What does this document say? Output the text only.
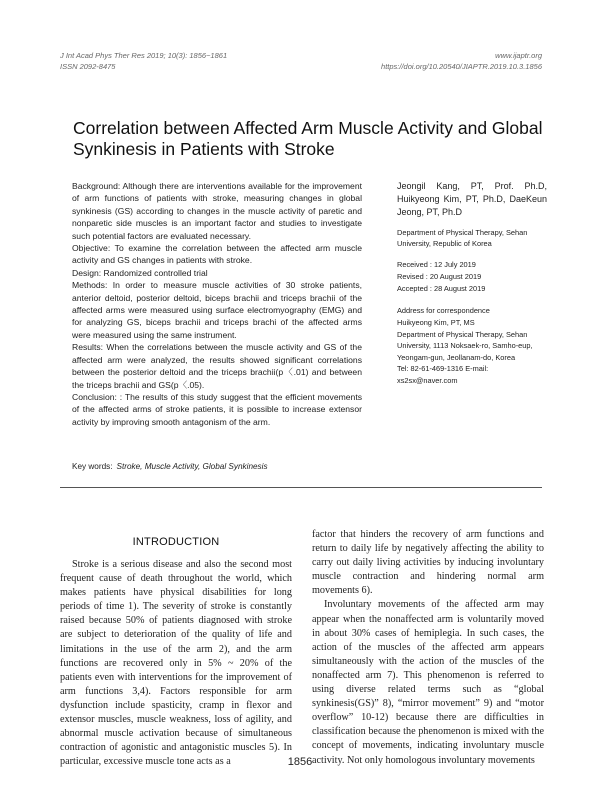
J Int Acad Phys Ther Res 2019; 10(3): 1856~1861
ISSN 2092-8475
www.ijaptr.org
https://doi.org/10.20540/JIAPTR.2019.10.3.1856
Correlation between Affected Arm Muscle Activity and Global Synkinesis in Patients with Stroke

Background: Although there are interventions available for the improvement of arm functions of patients with stroke, measuring changes in global synkinesis (GS) according to changes in the muscle activity of paretic and nonparetic side muscles is an important factor and studies to investigate such potential factors are evaluated necessary.

Objective: To examine the correlation between the affected arm muscle activity and GS changes in patients with stroke.

Design: Randomized controlled trial

Methods: In order to measure muscle activities of 30 stroke patients, anterior deltoid, posterior deltoid, biceps brachii and triceps brachii of the affected arms were measured using surface electromyography (EMG) and for analyzing GS, biceps brachii and triceps brachi of the affected arms were measured using the same instrument.

Results: When the correlations between the muscle activity and GS of the affected arm were analyzed, the results showed significant correlations between the posterior deltoid and the triceps brachii(p〈.01) and between the triceps brachii and GS(p〈.05).

Conclusion: : The results of this study suggest that the efficient movements of the affected arms of stroke patients, it is possible to increase extensor activity by improving smooth antagonism of the arm.

Jeongil Kang, PT, Prof. Ph.D, Huikyeong Kim, PT, Ph.D, DaeKeun Jeong, PT, Ph.D

Department of Physical Therapy, Sehan University, Republic of Korea

Received : 12 July 2019
Revised : 20 August 2019
Accepted : 28 August 2019

Address for correspondence

Huikyeong Kim, PT, MS

Department of Physical Therapy, Sehan University, 1113 Noksaek-ro, Samho-eup, Yeongam-gun, Jeollanam-do, Korea

Tel: 82-61-469-1316 E-mail: xs2sx@naver.com

Key words: Stroke, Muscle Activity, Global Synkinesis
INTRODUCTION

Stroke is a serious disease and also the second most frequent cause of death throughout the world, which makes patients have physical disabilities for long periods of time 1). The severity of stroke is constantly raised because 50% of patients diagnosed with stroke are subject to deterioration of the quality of life and limitations in the use of the arm 2), and the arm functions are recovered only in 5% ~ 20% of the patients even with interventions for the improvement of arm functions 3,4). Factors responsible for arm dysfunction include spasticity, cramp in flexor and extensor muscles, muscle weakness, loss of agility, and abnormal muscle activation because of simultaneous contraction of agonistic and antagonistic muscles 5). In particular, excessive muscle tone acts as a

factor that hinders the recovery of arm functions and return to daily life by negatively affecting the ability to carry out daily living activities by inducing involuntary muscle contraction and hindering normal arm movements 6).

Involuntary movements of the affected arm may appear when the nonaffected arm is voluntarily moved in about 30% cases of hemiplegia. In such cases, the action of the muscles of the affected arm appears simultaneously with the action of the muscles of the nonaffected arm 7). This phenomenon is referred to using diverse related terms such as “global synkinesis(GS)” 8), “mirror movement” 9) and “motor overflow” 10-12) because there are difficulties in classification because the phenomenon is mixed with the concept of movements, indicating involuntary muscle activity. Not only homologous involuntary movements

1856
